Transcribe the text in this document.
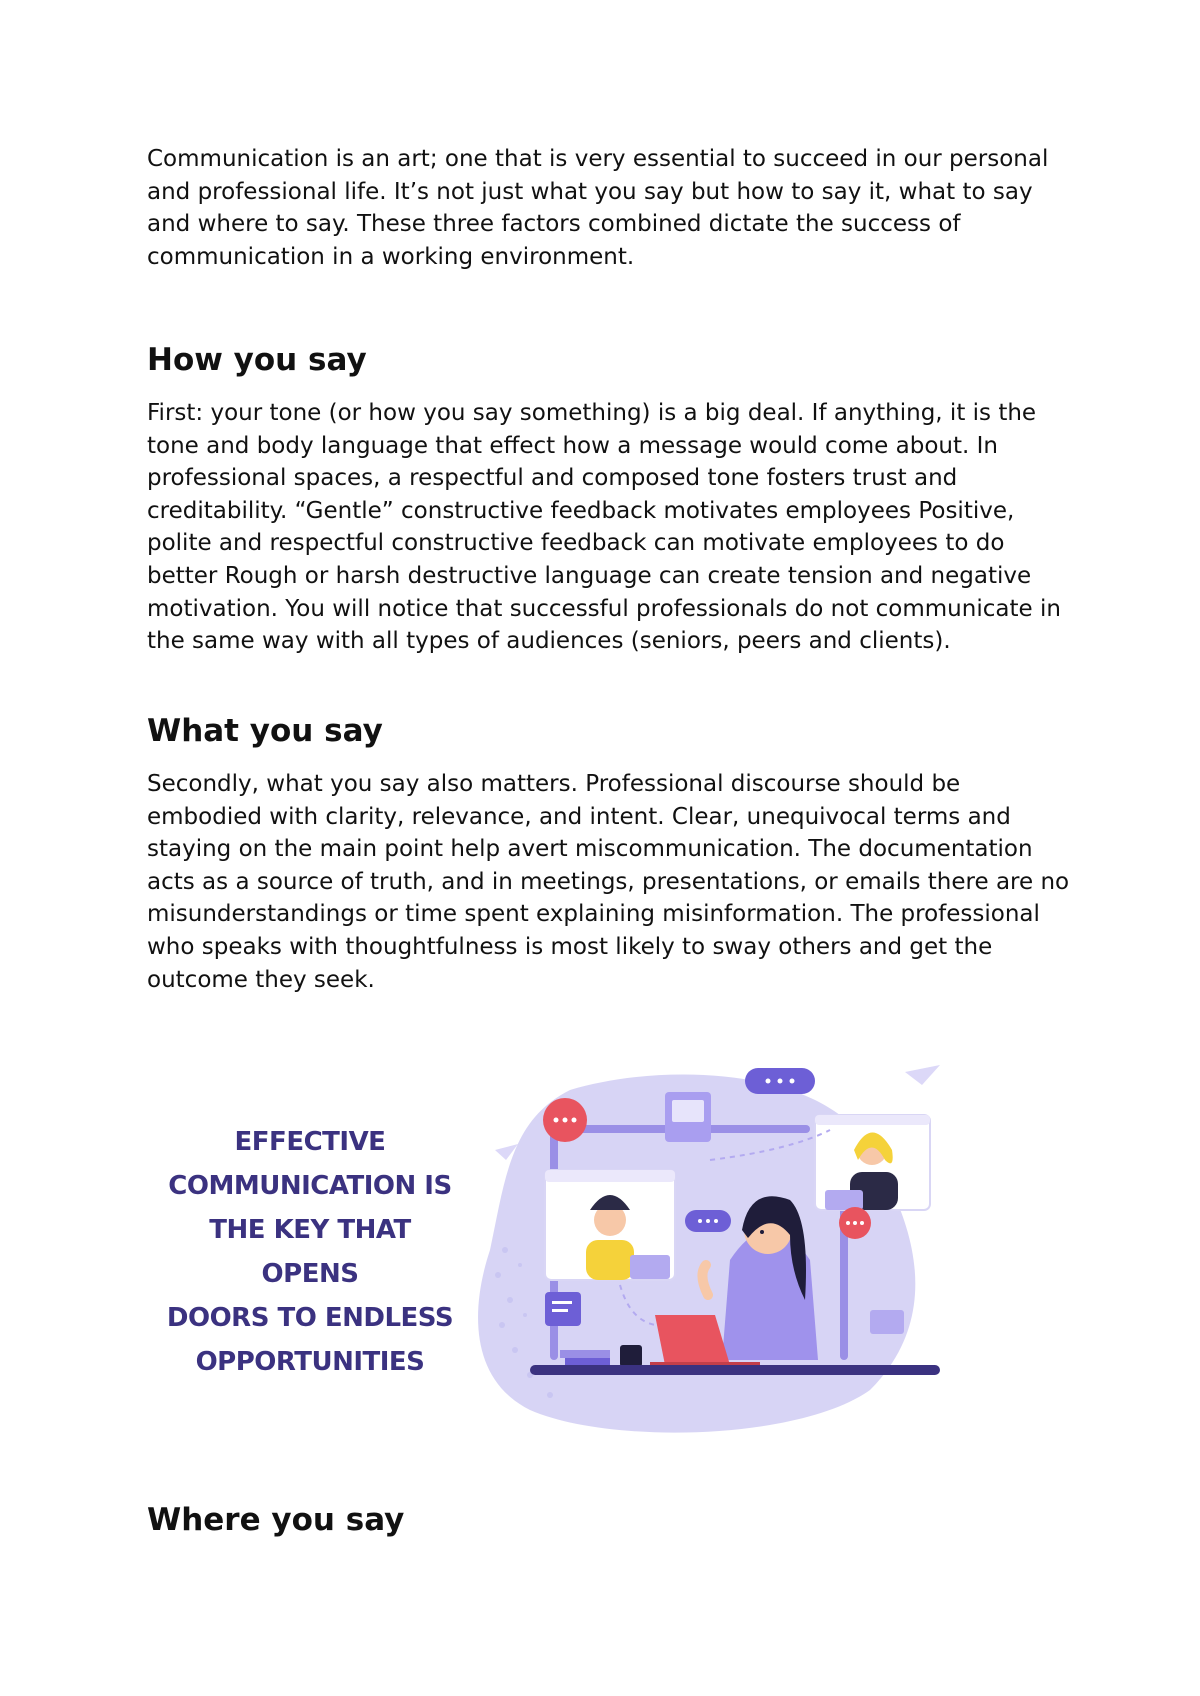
Communication is an art; one that is very essential to succeed in our personal and professional life. It’s not just what you say but how to say it, what to say and where to say. These three factors combined dictate the success of communication in a working environment.

How you say

First: your tone (or how you say something) is a big deal. If anything, it is the tone and body language that effect how a message would come about. In professional spaces, a respectful and composed tone fosters trust and creditability. “Gentle” constructive feedback motivates employees Positive, polite and respectful constructive feedback can motivate employees to do better Rough or harsh destructive language can create tension and negative motivation. You will notice that successful professionals do not communicate in the same way with all types of audiences (seniors, peers and clients).

What you say

Secondly, what you say also matters. Professional discourse should be embodied with clarity, relevance, and intent. Clear, unequivocal terms and staying on the main point help avert miscommunication. The documentation acts as a source of truth, and in meetings, presentations, or emails there are no misunderstandings or time spent explaining misinformation. The professional who speaks with thoughtfulness is most likely to sway others and get the outcome they seek.

EFFECTIVE
COMMUNICATION IS
THE KEY THAT OPENS
DOORS TO ENDLESS
OPPORTUNITIES
Where you say
